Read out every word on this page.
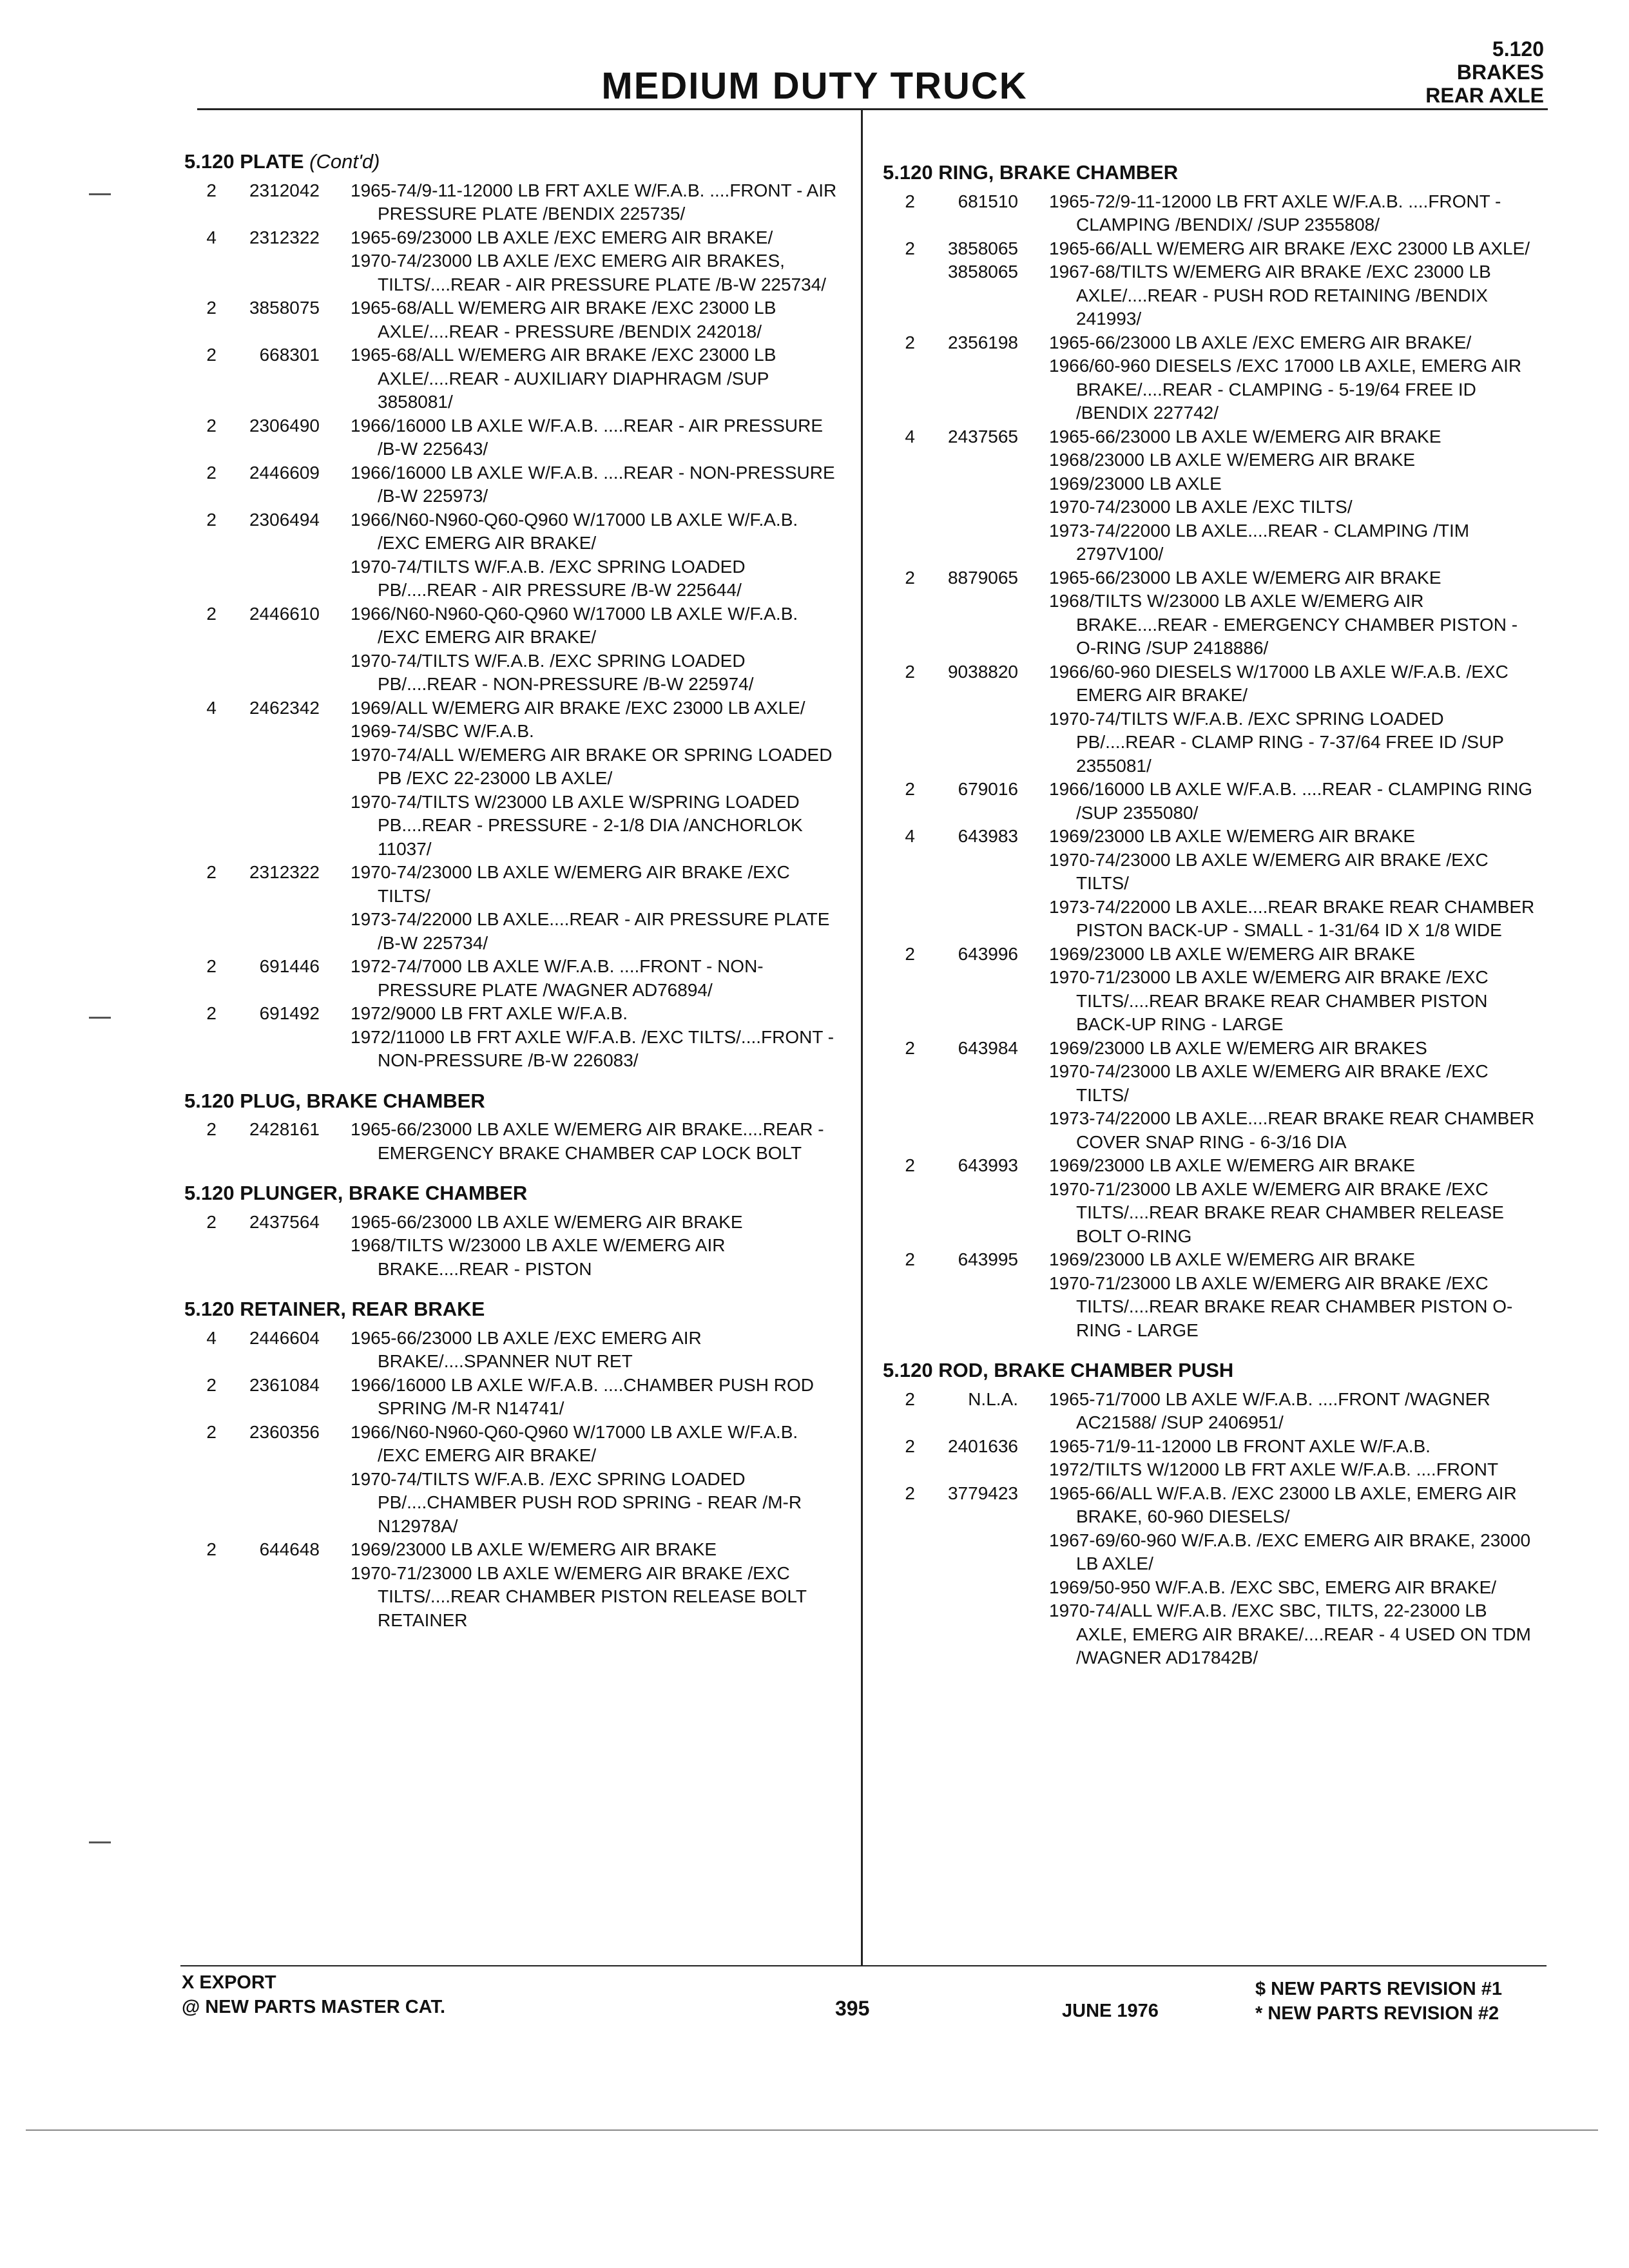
MEDIUM DUTY TRUCK
5.120
BRAKES
REAR AXLE
5.120 PLATE (Cont'd)
2	2312042	1965-74/9-11-12000 LB FRT AXLE W/F.A.B. ....FRONT - AIR PRESSURE PLATE /BENDIX 225735/
4	2312322	1965-69/23000 LB AXLE /EXC EMERG AIR BRAKE/
1970-74/23000 LB AXLE /EXC EMERG AIR BRAKES, TILTS/....REAR - AIR PRESSURE PLATE /B-W 225734/
2	3858075	1965-68/ALL W/EMERG AIR BRAKE /EXC 23000 LB AXLE/....REAR - PRESSURE /BENDIX 242018/
2	668301	1965-68/ALL W/EMERG AIR BRAKE /EXC 23000 LB AXLE/....REAR - AUXILIARY DIAPHRAGM /SUP 3858081/
2	2306490	1966/16000 LB AXLE W/F.A.B. ....REAR - AIR PRESSURE /B-W 225643/
2	2446609	1966/16000 LB AXLE W/F.A.B. ....REAR - NON-PRESSURE /B-W 225973/
2	2306494	1966/N60-N960-Q60-Q960 W/17000 LB AXLE W/F.A.B. /EXC EMERG AIR BRAKE/
1970-74/TILTS W/F.A.B. /EXC SPRING LOADED PB/....REAR - AIR PRESSURE /B-W 225644/
2	2446610	1966/N60-N960-Q60-Q960 W/17000 LB AXLE W/F.A.B. /EXC EMERG AIR BRAKE/
1970-74/TILTS W/F.A.B. /EXC SPRING LOADED PB/....REAR - NON-PRESSURE /B-W 225974/
4	2462342	1969/ALL W/EMERG AIR BRAKE /EXC 23000 LB AXLE/
1969-74/SBC W/F.A.B.
1970-74/ALL W/EMERG AIR BRAKE OR SPRING LOADED PB /EXC 22-23000 LB AXLE/
1970-74/TILTS W/23000 LB AXLE W/SPRING LOADED PB....REAR - PRESSURE - 2-1/8 DIA /ANCHORLOK 11037/
2	2312322	1970-74/23000 LB AXLE W/EMERG AIR BRAKE /EXC TILTS/
1973-74/22000 LB AXLE....REAR - AIR PRESSURE PLATE /B-W 225734/
2	691446	1972-74/7000 LB AXLE W/F.A.B. ....FRONT - NON-PRESSURE PLATE /WAGNER AD76894/
2	691492	1972/9000 LB FRT AXLE W/F.A.B.
1972/11000 LB FRT AXLE W/F.A.B. /EXC TILTS/....FRONT - NON-PRESSURE /B-W 226083/
5.120 PLUG, BRAKE CHAMBER
2	2428161	1965-66/23000 LB AXLE W/EMERG AIR BRAKE....REAR - EMERGENCY BRAKE CHAMBER CAP LOCK BOLT
5.120 PLUNGER, BRAKE CHAMBER
2	2437564	1965-66/23000 LB AXLE W/EMERG AIR BRAKE
1968/TILTS W/23000 LB AXLE W/EMERG AIR BRAKE....REAR - PISTON
5.120 RETAINER, REAR BRAKE
4	2446604	1965-66/23000 LB AXLE /EXC EMERG AIR BRAKE/....SPANNER NUT RET
2	2361084	1966/16000 LB AXLE W/F.A.B. ....CHAMBER PUSH ROD SPRING /M-R N14741/
2	2360356	1966/N60-N960-Q60-Q960 W/17000 LB AXLE W/F.A.B. /EXC EMERG AIR BRAKE/
1970-74/TILTS W/F.A.B. /EXC SPRING LOADED PB/....CHAMBER PUSH ROD SPRING - REAR /M-R N12978A/
2	644648	1969/23000 LB AXLE W/EMERG AIR BRAKE
1970-71/23000 LB AXLE W/EMERG AIR BRAKE /EXC TILTS/....REAR CHAMBER PISTON RELEASE BOLT RETAINER
5.120 RING, BRAKE CHAMBER
2	681510	1965-72/9-11-12000 LB FRT AXLE W/F.A.B. ....FRONT - CLAMPING /BENDIX/ /SUP 2355808/
2	3858065	1965-66/ALL W/EMERG AIR BRAKE /EXC 23000 LB AXLE/
3858065	1967-68/TILTS W/EMERG AIR BRAKE /EXC 23000 LB AXLE/....REAR - PUSH ROD RETAINING /BENDIX 241993/
2	2356198	1965-66/23000 LB AXLE /EXC EMERG AIR BRAKE/
1966/60-960 DIESELS /EXC 17000 LB AXLE, EMERG AIR BRAKE/....REAR - CLAMPING - 5-19/64 FREE ID /BENDIX 227742/
4	2437565	1965-66/23000 LB AXLE W/EMERG AIR BRAKE
1968/23000 LB AXLE W/EMERG AIR BRAKE
1969/23000 LB AXLE
1970-74/23000 LB AXLE /EXC TILTS/
1973-74/22000 LB AXLE....REAR - CLAMPING /TIM 2797V100/
2	8879065	1965-66/23000 LB AXLE W/EMERG AIR BRAKE
1968/TILTS W/23000 LB AXLE W/EMERG AIR BRAKE....REAR - EMERGENCY CHAMBER PISTON - O-RING /SUP 2418886/
2	9038820	1966/60-960 DIESELS W/17000 LB AXLE W/F.A.B. /EXC EMERG AIR BRAKE/
1970-74/TILTS W/F.A.B. /EXC SPRING LOADED PB/....REAR - CLAMP RING - 7-37/64 FREE ID /SUP 2355081/
2	679016	1966/16000 LB AXLE W/F.A.B. ....REAR - CLAMPING RING /SUP 2355080/
4	643983	1969/23000 LB AXLE W/EMERG AIR BRAKE
1970-74/23000 LB AXLE W/EMERG AIR BRAKE /EXC TILTS/
1973-74/22000 LB AXLE....REAR BRAKE REAR CHAMBER PISTON BACK-UP - SMALL - 1-31/64 ID X 1/8 WIDE
2	643996	1969/23000 LB AXLE W/EMERG AIR BRAKE
1970-71/23000 LB AXLE W/EMERG AIR BRAKE /EXC TILTS/....REAR BRAKE REAR CHAMBER PISTON BACK-UP RING - LARGE
2	643984	1969/23000 LB AXLE W/EMERG AIR BRAKES
1970-74/23000 LB AXLE W/EMERG AIR BRAKE /EXC TILTS/
1973-74/22000 LB AXLE....REAR BRAKE REAR CHAMBER COVER SNAP RING - 6-3/16 DIA
2	643993	1969/23000 LB AXLE W/EMERG AIR BRAKE
1970-71/23000 LB AXLE W/EMERG AIR BRAKE /EXC TILTS/....REAR BRAKE REAR CHAMBER RELEASE BOLT O-RING
2	643995	1969/23000 LB AXLE W/EMERG AIR BRAKE
1970-71/23000 LB AXLE W/EMERG AIR BRAKE /EXC TILTS/....REAR BRAKE REAR CHAMBER PISTON O-RING - LARGE
5.120 ROD, BRAKE CHAMBER PUSH
2	N.L.A.	1965-71/7000 LB AXLE W/F.A.B. ....FRONT /WAGNER AC21588/ /SUP 2406951/
2	2401636	1965-71/9-11-12000 LB FRONT AXLE W/F.A.B.
1972/TILTS W/12000 LB FRT AXLE W/F.A.B. ....FRONT
2	3779423	1965-66/ALL W/F.A.B. /EXC 23000 LB AXLE, EMERG AIR BRAKE, 60-960 DIESELS/
1967-69/60-960 W/F.A.B. /EXC EMERG AIR BRAKE, 23000 LB AXLE/
1969/50-950 W/F.A.B. /EXC SBC, EMERG AIR BRAKE/
1970-74/ALL W/F.A.B. /EXC SBC, TILTS, 22-23000 LB AXLE, EMERG AIR BRAKE/....REAR - 4 USED ON TDM /WAGNER AD17842B/
X EXPORT
@ NEW PARTS MASTER CAT.	395	JUNE 1976
$ NEW PARTS REVISION #1
* NEW PARTS REVISION #2
